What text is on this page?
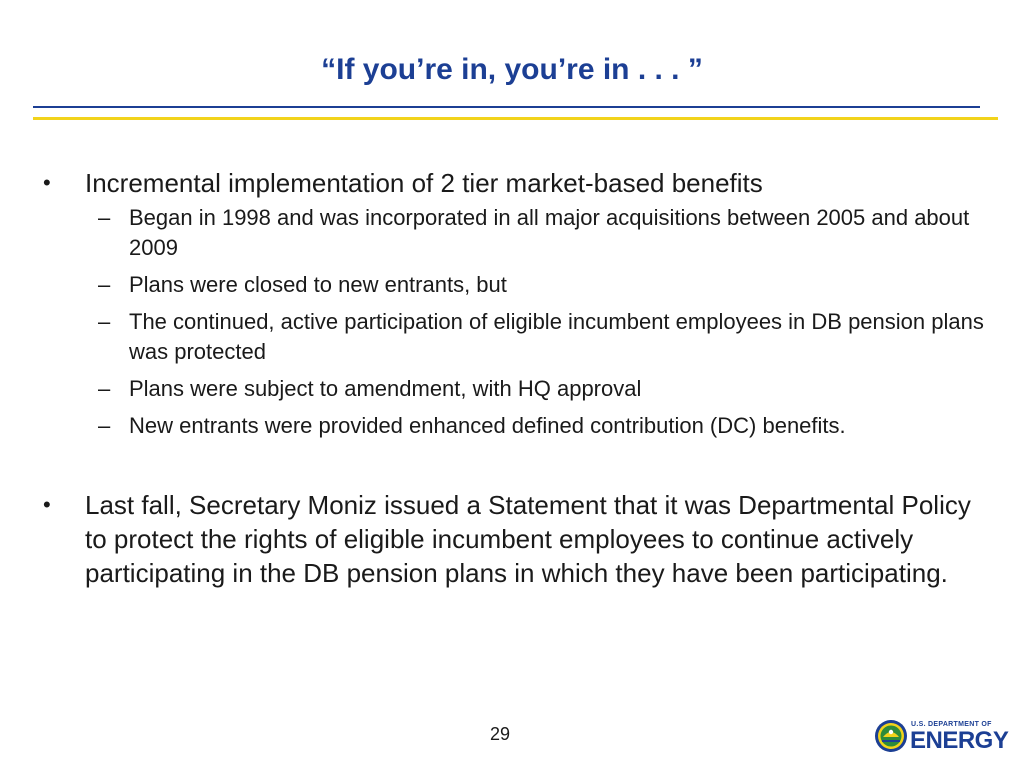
“If you’re in, you’re in . . . ”
•	Incremental implementation of 2 tier market-based benefits
– Began in 1998 and was incorporated in all major acquisitions between 2005 and about 2009
– Plans were closed to new entrants, but
– The continued, active participation of eligible incumbent employees in DB pension plans was protected
– Plans were subject to amendment, with HQ approval
– New entrants were provided enhanced defined contribution (DC) benefits.
•	Last fall, Secretary Moniz issued a Statement that it was Departmental Policy to protect the rights of eligible incumbent employees to continue actively participating in the DB pension plans in which they have been participating.
29	U.S. DEPARTMENT OF
ENERGY
